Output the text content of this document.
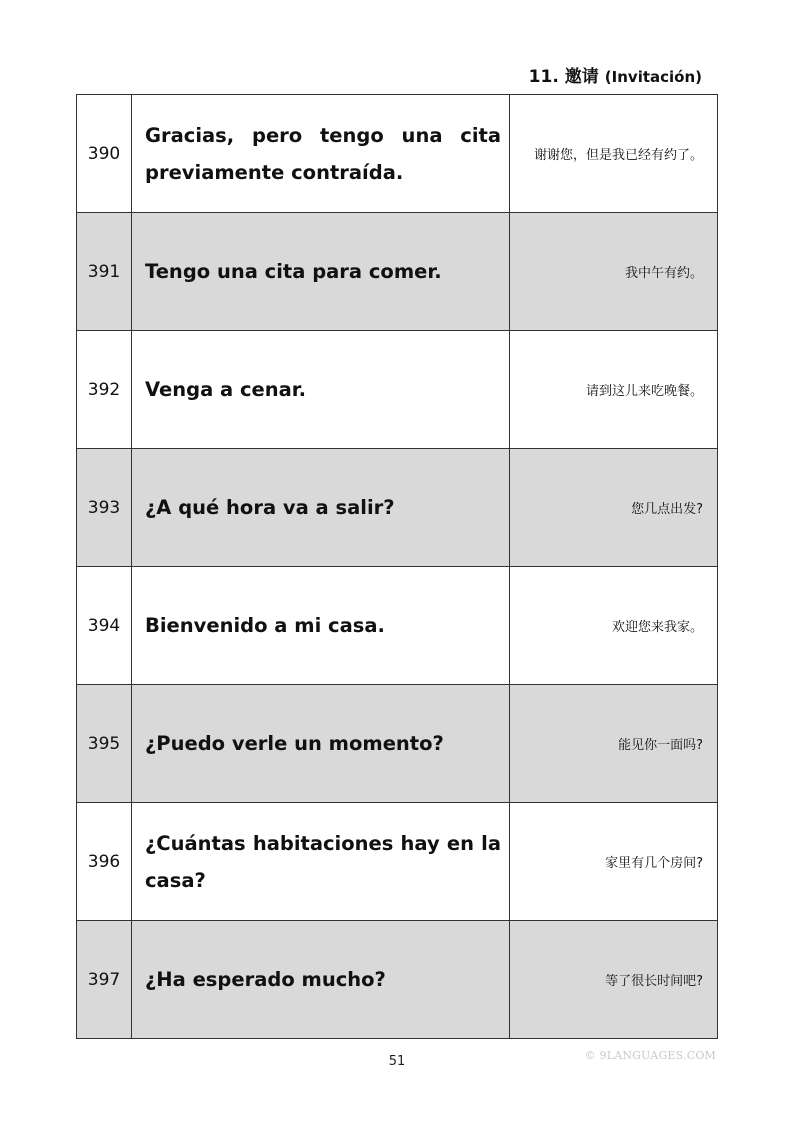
11. 邀请 (Invitación)
390	Gracias, pero tengo una cita previamente contraída.	谢谢您，但是我已经有约了。
391	Tengo una cita para comer.	我中午有约。
392	Venga a cenar.	请到这儿来吃晚餐。
393	¿A qué hora va a salir?	您几点出发?
394	Bienvenido a mi casa.	欢迎您来我家。
395	¿Puedo verle un momento?	能见你一面吗?
396	¿Cuántas habitaciones hay en la casa?	家里有几个房间?
397	¿Ha esperado mucho?	等了很长时间吧?
51	© 9LANGUAGES.COM
